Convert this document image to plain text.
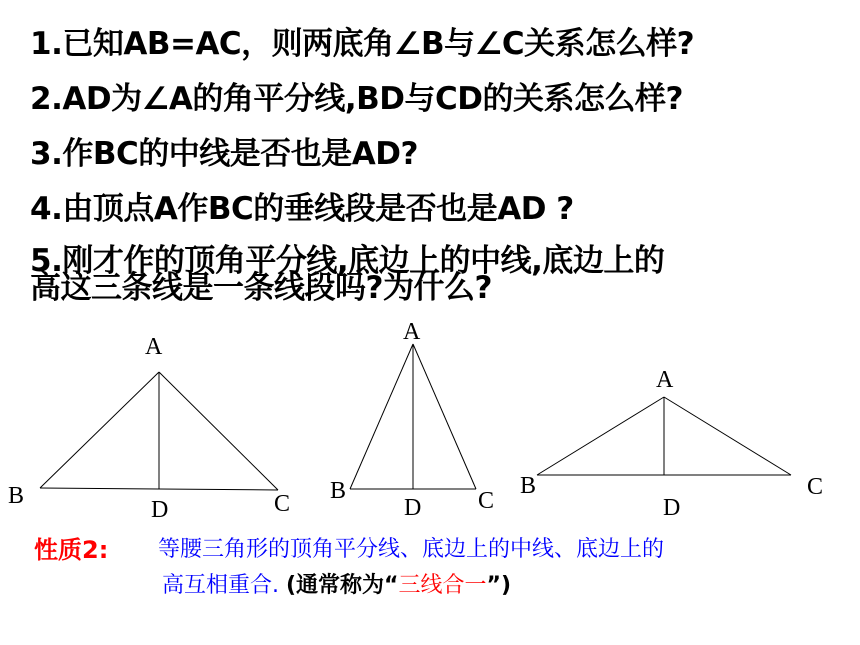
1.已知AB=AC，则两底角∠B与∠C关系怎么样?
2.AD为∠A的角平分线,BD与CD的关系怎么样?
3.作BC的中线是否也是AD?
4.由顶点A作BC的垂线段是否也是AD ?
5.刚才作的顶角平分线,底边上的中线,底边上的
高这三条线是一条线段吗?为什么?
A
B	C
D
A
B	C
D
A
B	C
D
性质2: 等腰三角形的顶角平分线、底边上的中线、底边上的
高互相重合. (通常称为“三线合一”)
